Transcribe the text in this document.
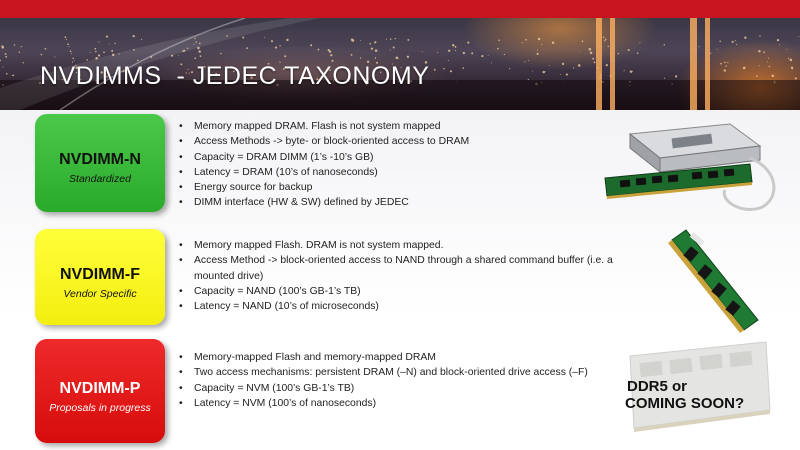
NVDIMMS  - JEDEC TAXONOMY
NVDIMM-N
Standardized
• Memory mapped DRAM. Flash is not system mapped
• Access Methods -> byte- or block-oriented access to DRAM
• Capacity = DRAM DIMM (1’s -10’s GB)
• Latency = DRAM (10’s of nanoseconds)
• Energy source for backup
• DIMM interface (HW & SW) defined by JEDEC
NVDIMM-F
Vendor Specific
• Memory mapped Flash. DRAM is not system mapped.
• Access Method -> block-oriented access to NAND through a shared command buffer (i.e. a mounted drive)
• Capacity = NAND (100’s GB-1’s TB)
• Latency = NAND (10’s of microseconds)
NVDIMM-P
Proposals in progress
• Memory-mapped Flash and memory-mapped DRAM
• Two access mechanisms: persistent DRAM (–N) and block-oriented drive access (–F)
• Capacity = NVM (100’s GB-1’s TB)
• Latency = NVM (100’s of nanoseconds)
DDR5 or
COMING SOON?
